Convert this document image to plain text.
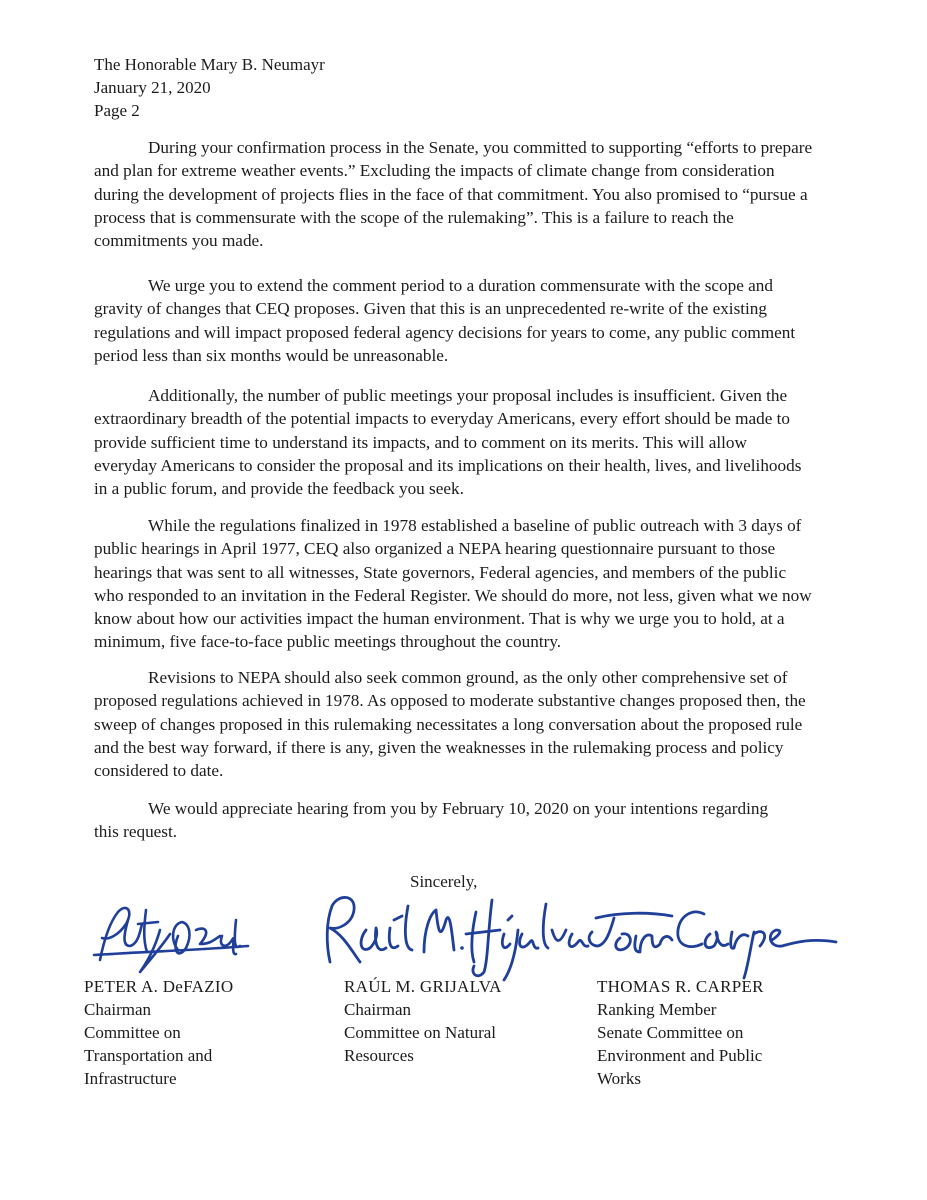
The Honorable Mary B. Neumayr
January 21, 2020
Page 2

During your confirmation process in the Senate, you committed to supporting “efforts to prepare and plan for extreme weather events.” Excluding the impacts of climate change from consideration during the development of projects flies in the face of that commitment. You also promised to “pursue a process that is commensurate with the scope of the rulemaking”. This is a failure to reach the commitments you made.

We urge you to extend the comment period to a duration commensurate with the scope and gravity of changes that CEQ proposes. Given that this is an unprecedented re-write of the existing regulations and will impact proposed federal agency decisions for years to come, any public comment period less than six months would be unreasonable.

Additionally, the number of public meetings your proposal includes is insufficient. Given the extraordinary breadth of the potential impacts to everyday Americans, every effort should be made to provide sufficient time to understand its impacts, and to comment on its merits. This will allow everyday Americans to consider the proposal and its implications on their health, lives, and livelihoods in a public forum, and provide the feedback you seek.

While the regulations finalized in 1978 established a baseline of public outreach with 3 days of public hearings in April 1977, CEQ also organized a NEPA hearing questionnaire pursuant to those hearings that was sent to all witnesses, State governors, Federal agencies, and members of the public who responded to an invitation in the Federal Register. We should do more, not less, given what we now know about how our activities impact the human environment. That is why we urge you to hold, at a minimum, five face-to-face public meetings throughout the country.

Revisions to NEPA should also seek common ground, as the only other comprehensive set of proposed regulations achieved in 1978. As opposed to moderate substantive changes proposed then, the sweep of changes proposed in this rulemaking necessitates a long conversation about the proposed rule and the best way forward, if there is any, given the weaknesses in the rulemaking process and policy considered to date.

We would appreciate hearing from you by February 10, 2020 on your intentions regarding this request.

Sincerely,
PETER A. DeFAZIO
Chairman
Committee on
Transportation and
Infrastructure
RAÚL M. GRIJALVA
Chairman
Committee on Natural
Resources
THOMAS R. CARPER
Ranking Member
Senate Committee on
Environment and Public
Works
